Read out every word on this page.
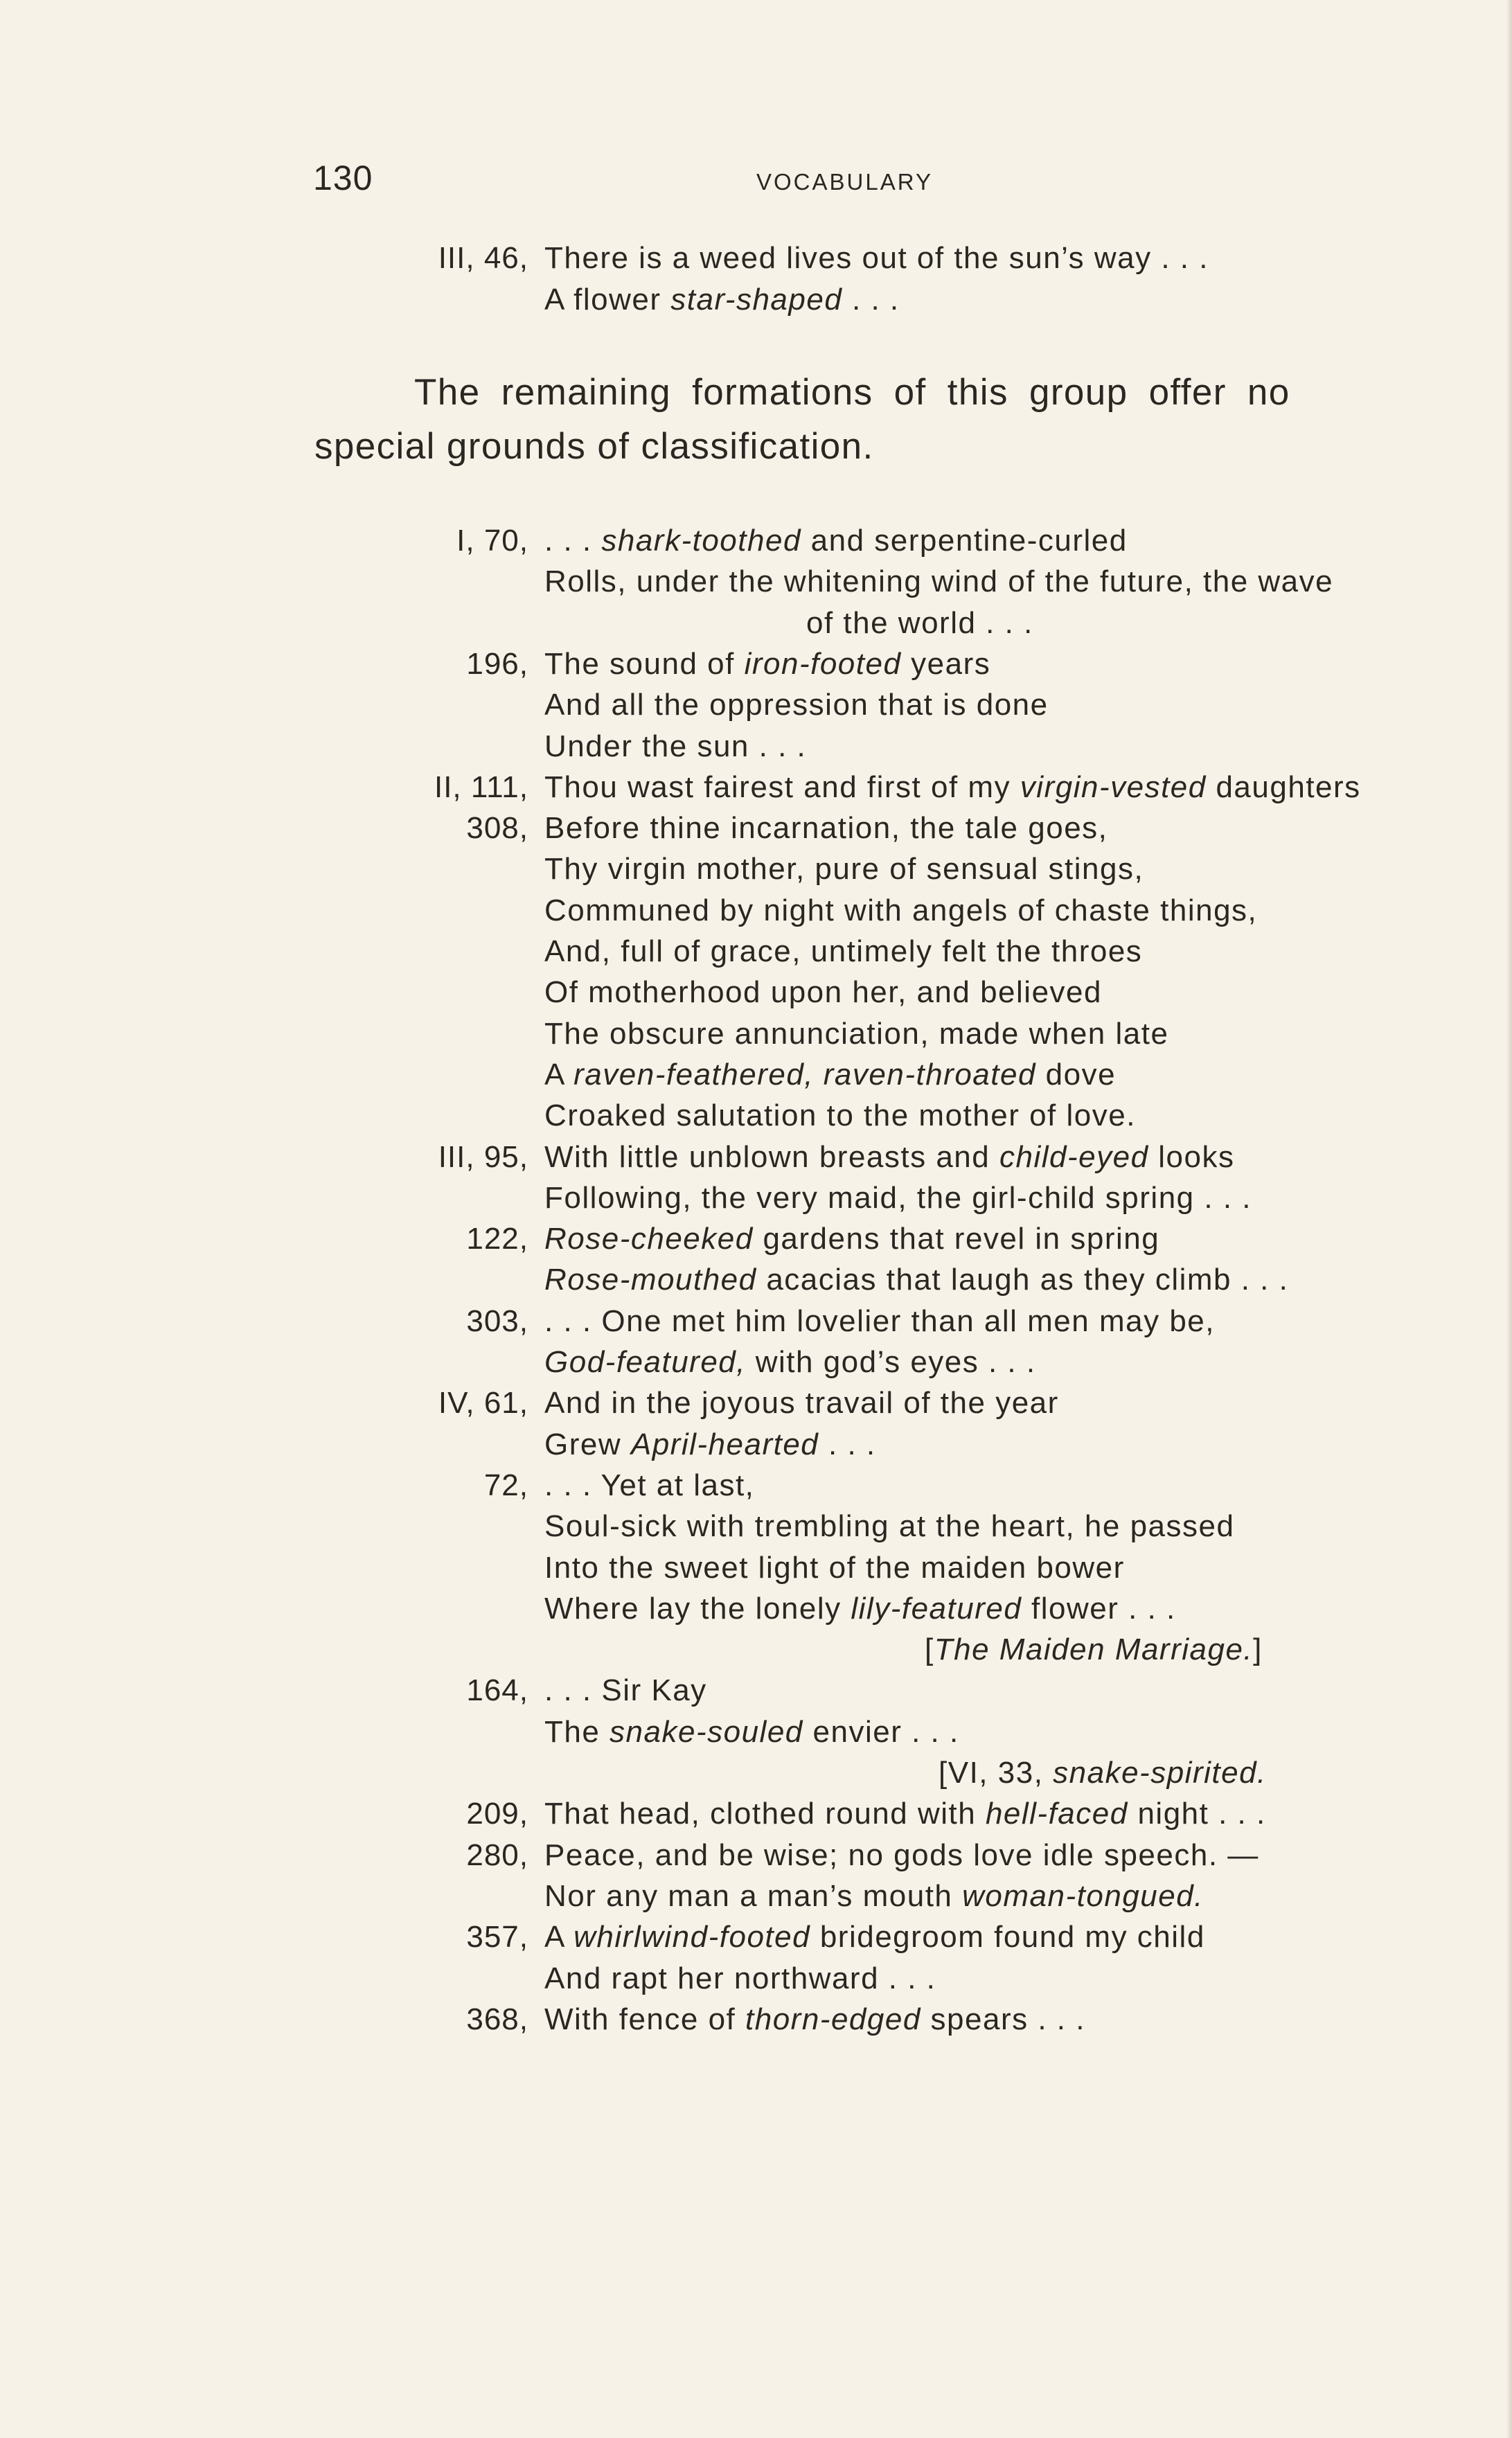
130	VOCABULARY
III, 46, There is a weed lives out of the sun’s way . . .
A flower star-shaped . . .
The remaining formations of this group offer no
special grounds of classification.
I, 70, . . . shark-toothed and serpentine-curled
Rolls, under the whitening wind of the future, the wave
of the world . . .
196, The sound of iron-footed years
And all the oppression that is done
Under the sun . . .
II, 111, Thou wast fairest and first of my virgin-vested daughters
308, Before thine incarnation, the tale goes,
Thy virgin mother, pure of sensual stings,
Communed by night with angels of chaste things,
And, full of grace, untimely felt the throes
Of motherhood upon her, and believed
The obscure annunciation, made when late
A raven-feathered, raven-throated dove
Croaked salutation to the mother of love.
III, 95, With little unblown breasts and child-eyed looks
Following, the very maid, the girl-child spring . . .
122, Rose-cheeked gardens that revel in spring
Rose-mouthed acacias that laugh as they climb . . .
303, . . . One met him lovelier than all men may be,
God-featured, with god’s eyes . . .
IV, 61, And in the joyous travail of the year
Grew April-hearted . . .
72, . . . Yet at last,
Soul-sick with trembling at the heart, he passed
Into the sweet light of the maiden bower
Where lay the lonely lily-featured flower . . .
[The Maiden Marriage.]
164, . . . Sir Kay
The snake-souled envier . . .
[VI, 33, snake-spirited.
209, That head, clothed round with hell-faced night . . .
280, Peace, and be wise; no gods love idle speech. —
Nor any man a man’s mouth woman-tongued.
357, A whirlwind-footed bridegroom found my child
And rapt her northward . . .
368, With fence of thorn-edged spears . . .
